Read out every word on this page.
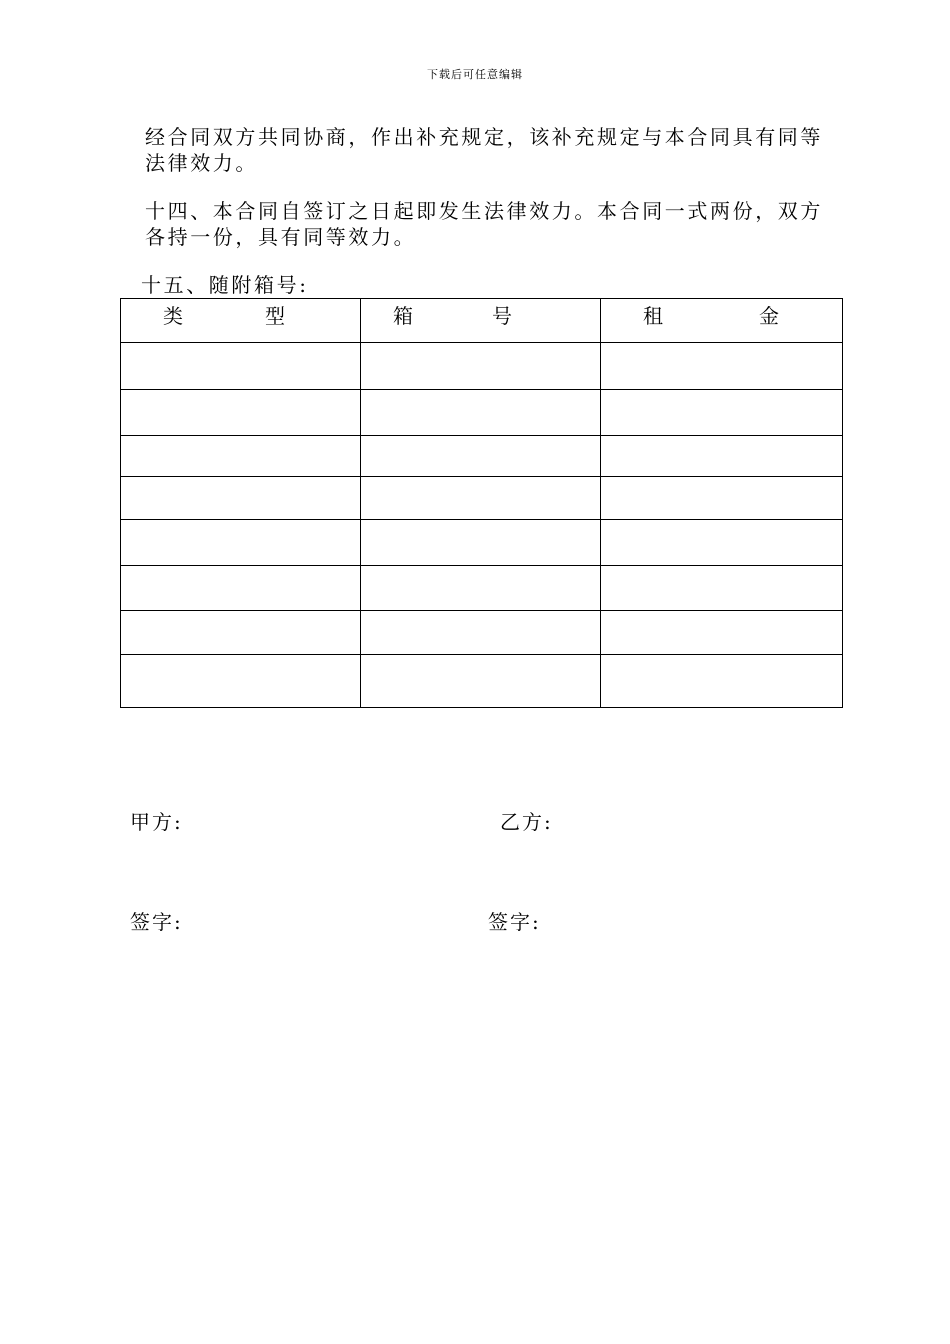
下载后可任意编辑

经合同双方共同协商，作出补充规定，该补充规定与本合同具有同等法律效力。

十四、本合同自签订之日起即发生法律效力。本合同一式两份，双方各持一份，具有同等效力。

十五、随附箱号:
类 型	箱 号	租 金

甲方:	乙方:
签字:	签字:
